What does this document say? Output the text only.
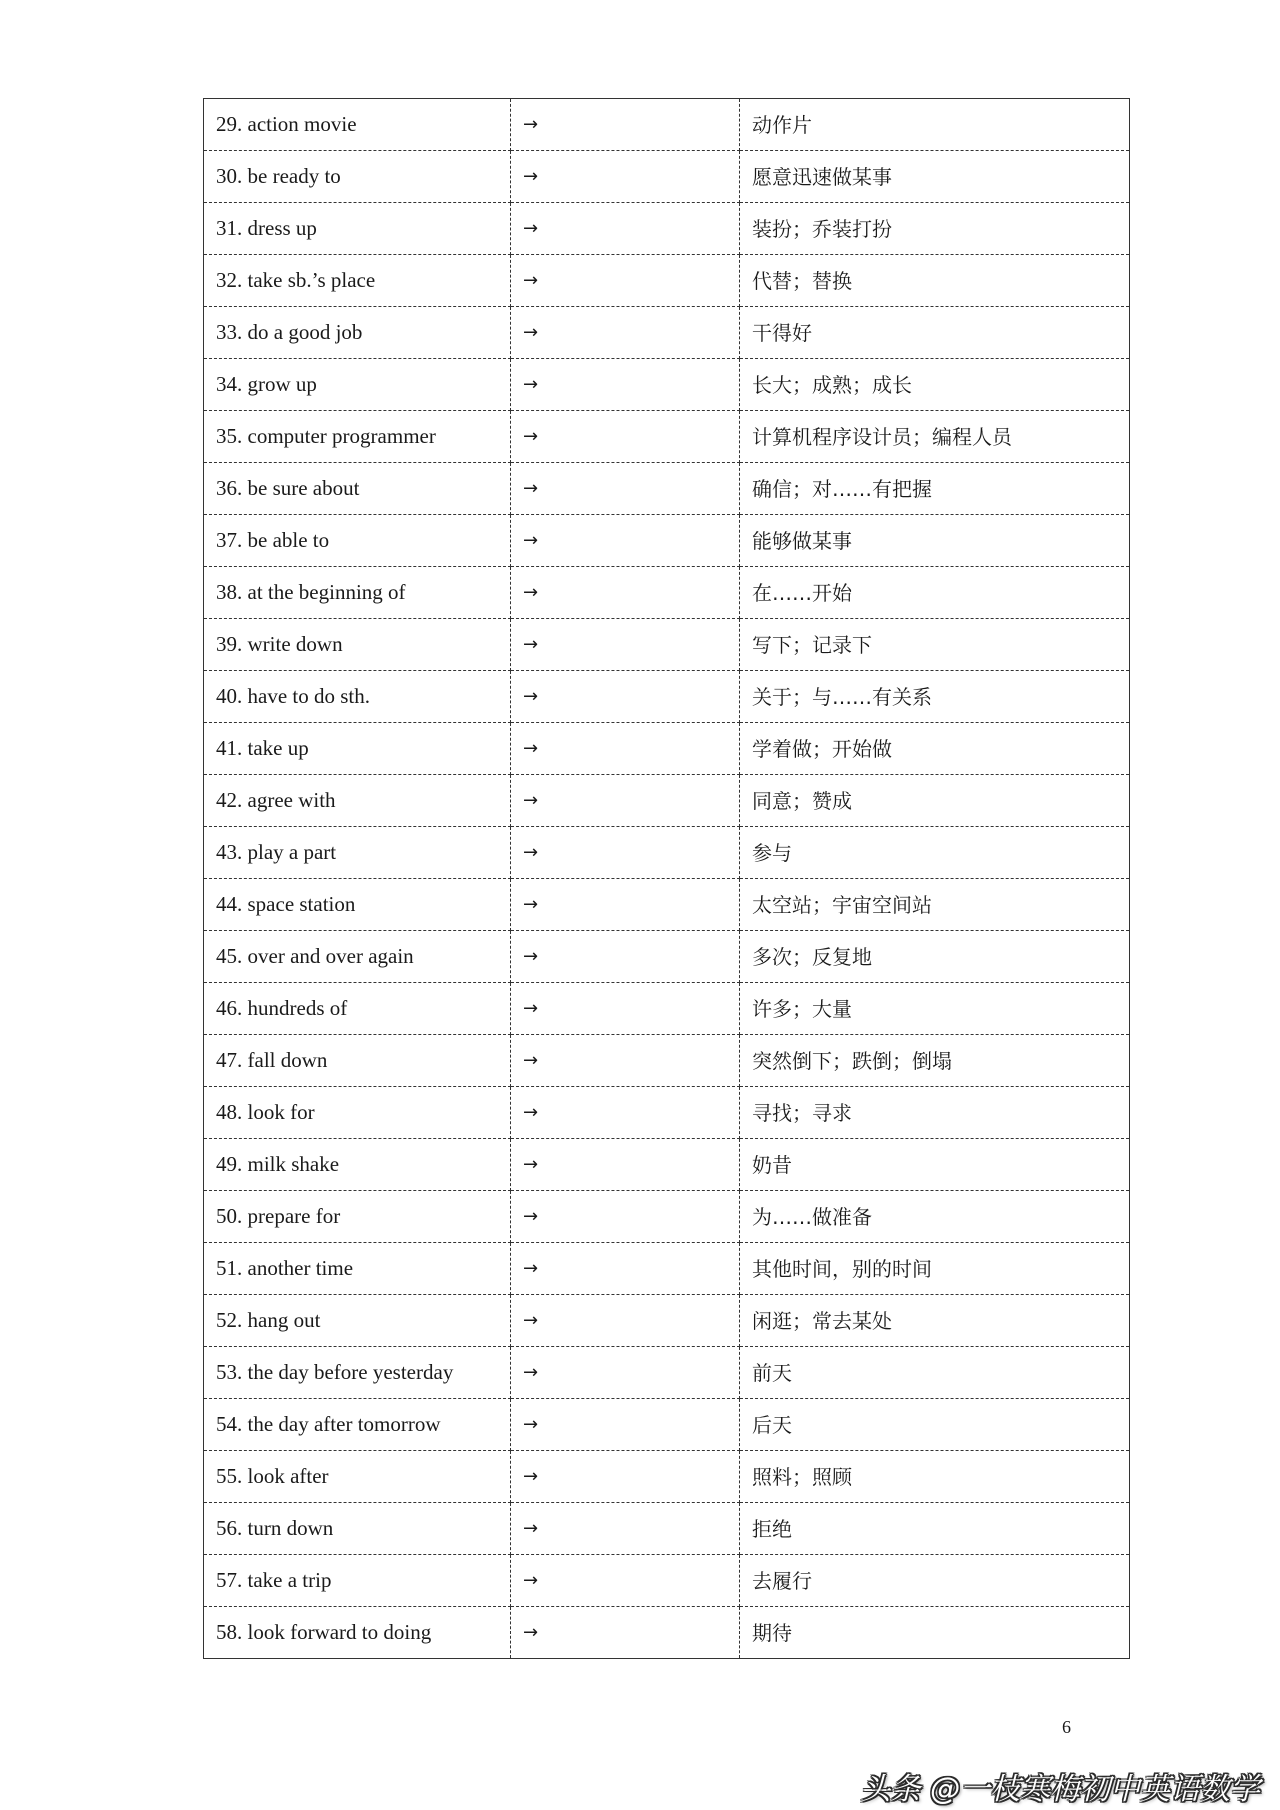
29. action movie	→	动作片
30. be ready to	→	愿意迅速做某事
31. dress up	→	装扮；乔装打扮
32. take sb.’s place	→	代替；替换
33. do a good job	→	干得好
34. grow up	→	长大；成熟；成长
35. computer programmer	→	计算机程序设计员；编程人员
36. be sure about	→	确信；对……有把握
37. be able to	→	能够做某事
38. at the beginning of	→	在……开始
39. write down	→	写下；记录下
40. have to do sth.	→	关于；与……有关系
41. take up	→	学着做；开始做
42. agree with	→	同意；赞成
43. play a part	→	参与
44. space station	→	太空站；宇宙空间站
45. over and over again	→	多次；反复地
46. hundreds of	→	许多；大量
47. fall down	→	突然倒下；跌倒；倒塌
48. look for	→	寻找；寻求
49. milk shake	→	奶昔
50. prepare for	→	为……做准备
51. another time	→	其他时间，别的时间
52. hang out	→	闲逛；常去某处
53. the day before yesterday	→	前天
54. the day after tomorrow	→	后天
55. look after	→	照料；照顾
56. turn down	→	拒绝
57. take a trip	→	去履行
58. look forward to doing	→	期待
6
头条 @一枝寒梅初中英语数学
